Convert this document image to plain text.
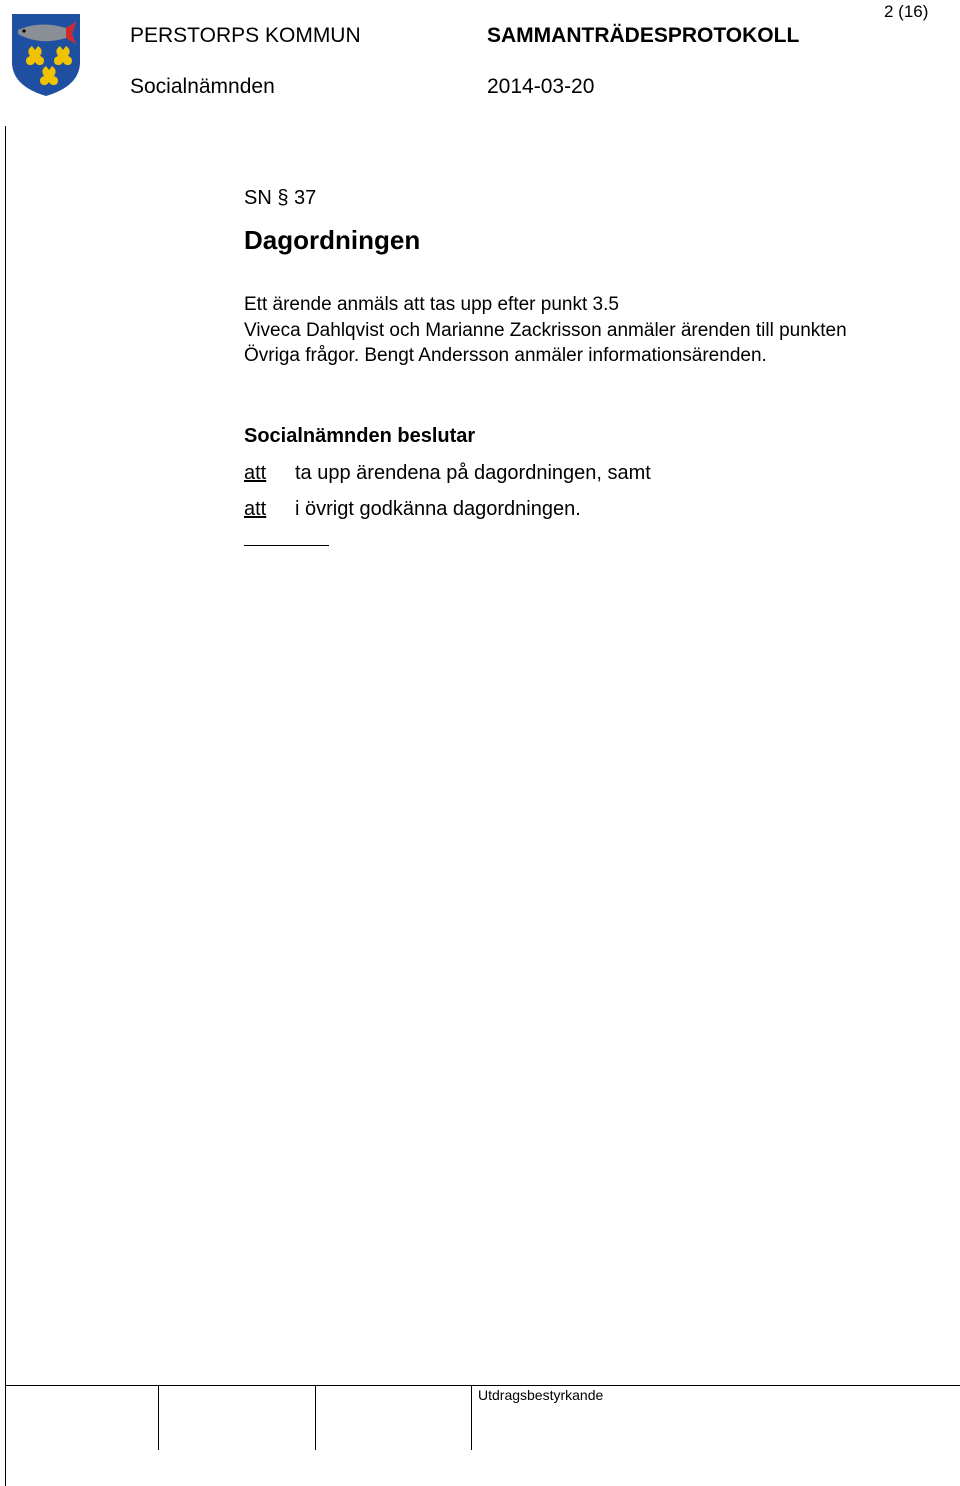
2 (16)
PERSTORPS KOMMUN	SAMMANTRÄDESPROTOKOLL
Socialnämnden	2014-03-20
SN § 37
Dagordningen

Ett ärende anmäls att tas upp efter punkt 3.5

Viveca Dahlqvist och Marianne Zackrisson anmäler ärenden till punkten Övriga frågor. Bengt Andersson anmäler informationsärenden.

Socialnämnden beslutar
att ta upp ärendena på dagordningen, samt
att i övrigt godkänna dagordningen.
Utdragsbestyrkande
